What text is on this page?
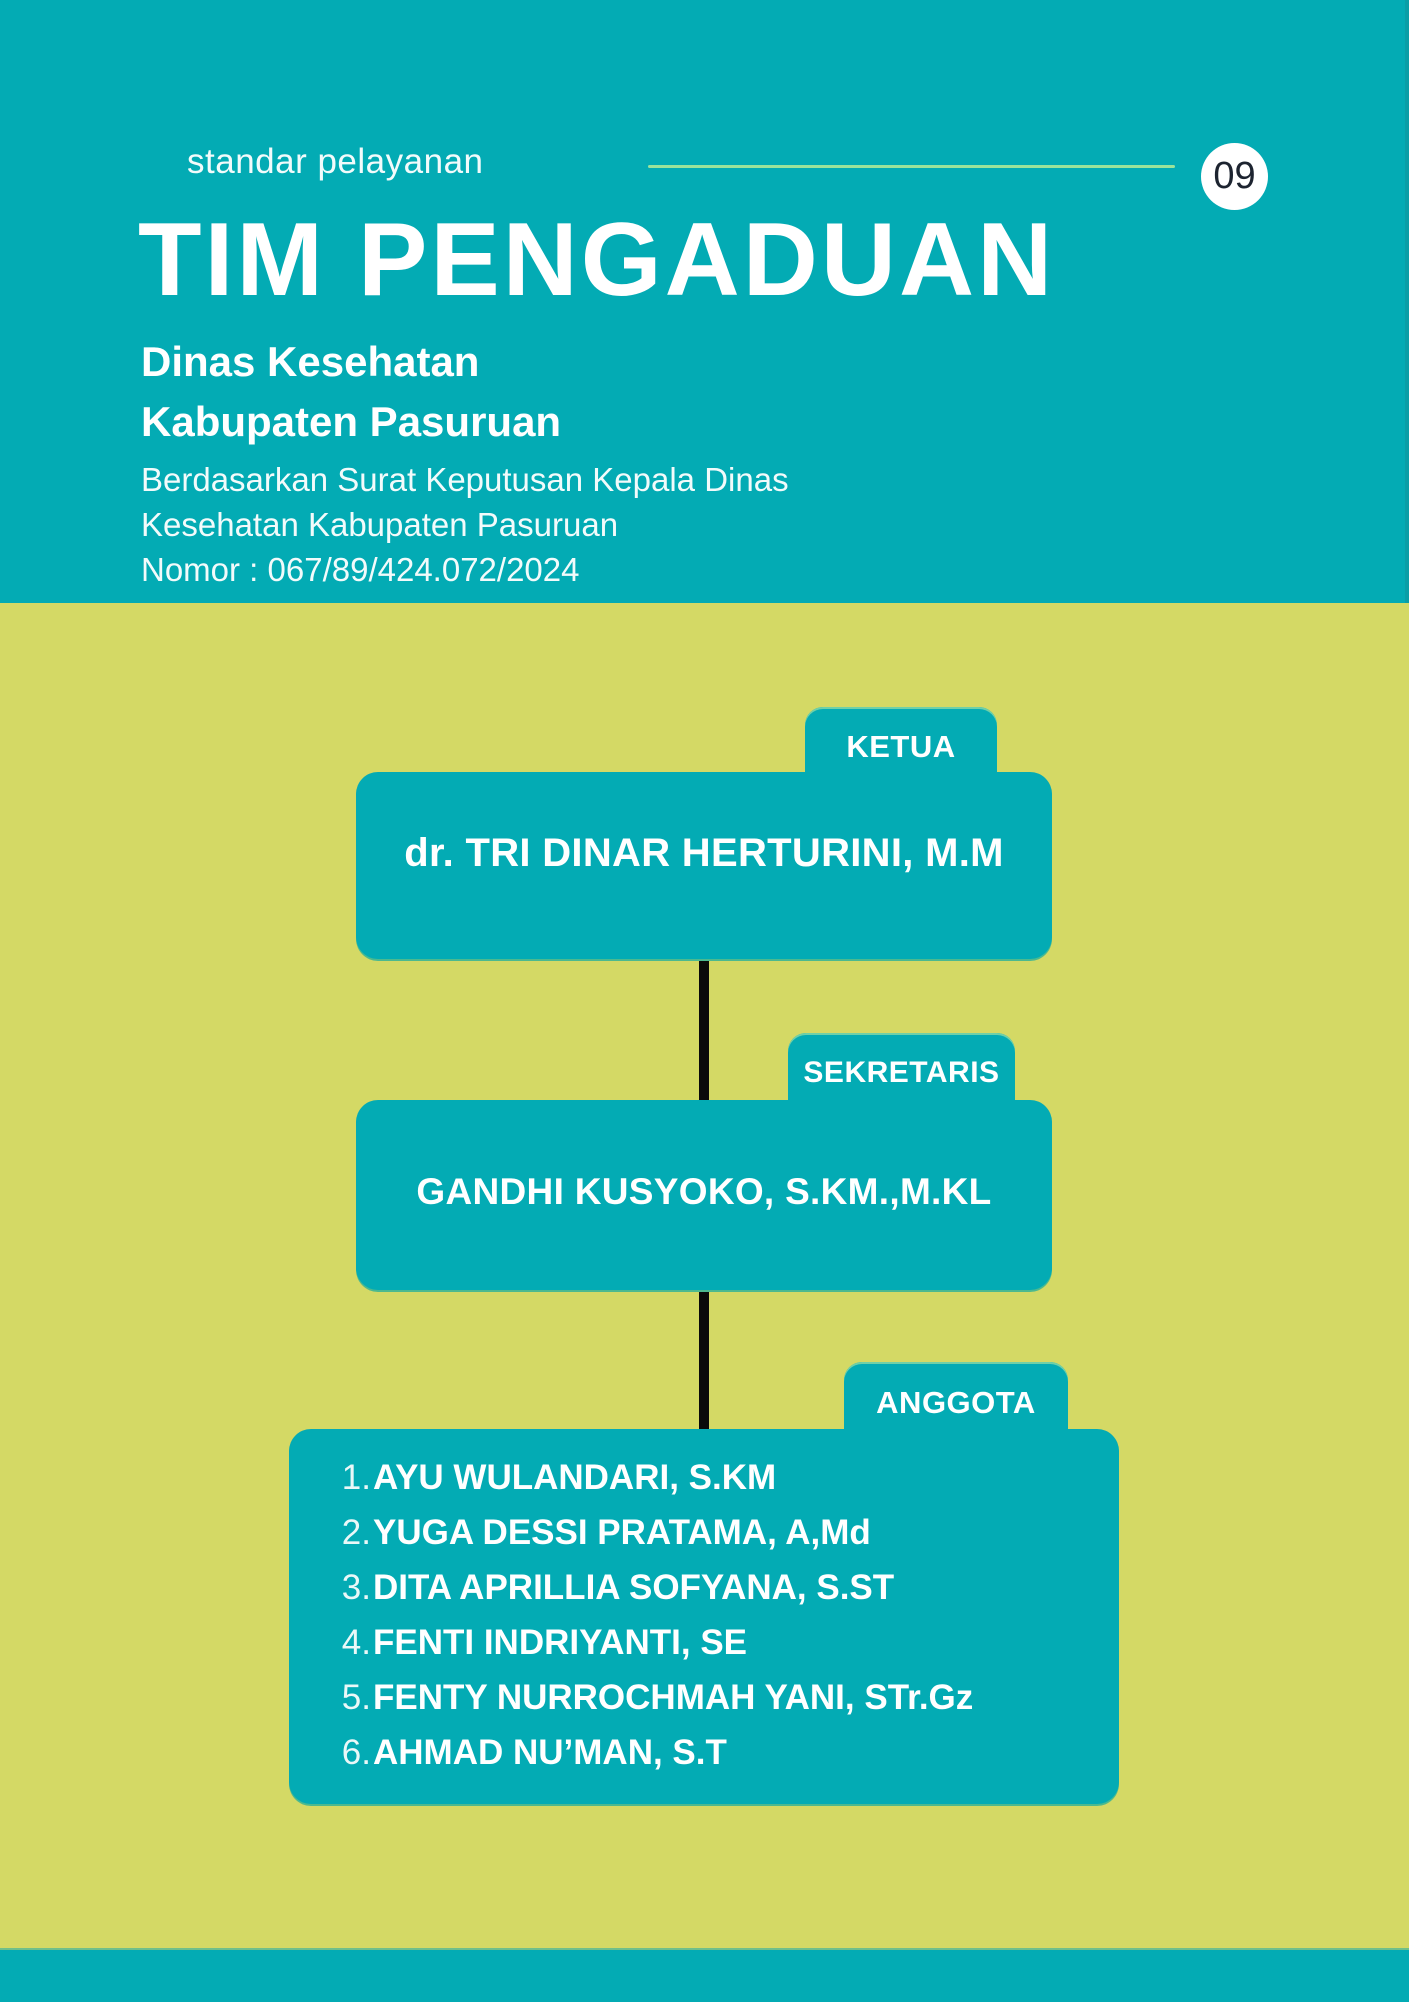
standar pelayanan	09
TIM PENGADUAN
Dinas Kesehatan
Kabupaten Pasuruan
Berdasarkan Surat Keputusan Kepala Dinas
Kesehatan Kabupaten Pasuruan
Nomor : 067/89/424.072/2024
KETUA
dr. TRI DINAR HERTURINI, M.M
SEKRETARIS
GANDHI KUSYOKO, S.KM.,M.KL
ANGGOTA
1.AYU WULANDARI, S.KM
2.YUGA DESSI PRATAMA, A,Md
3.DITA APRILLIA SOFYANA, S.ST
4.FENTI INDRIYANTI, SE
5.FENTY NURROCHMAH YANI, STr.Gz
6.AHMAD NU’MAN, S.T
